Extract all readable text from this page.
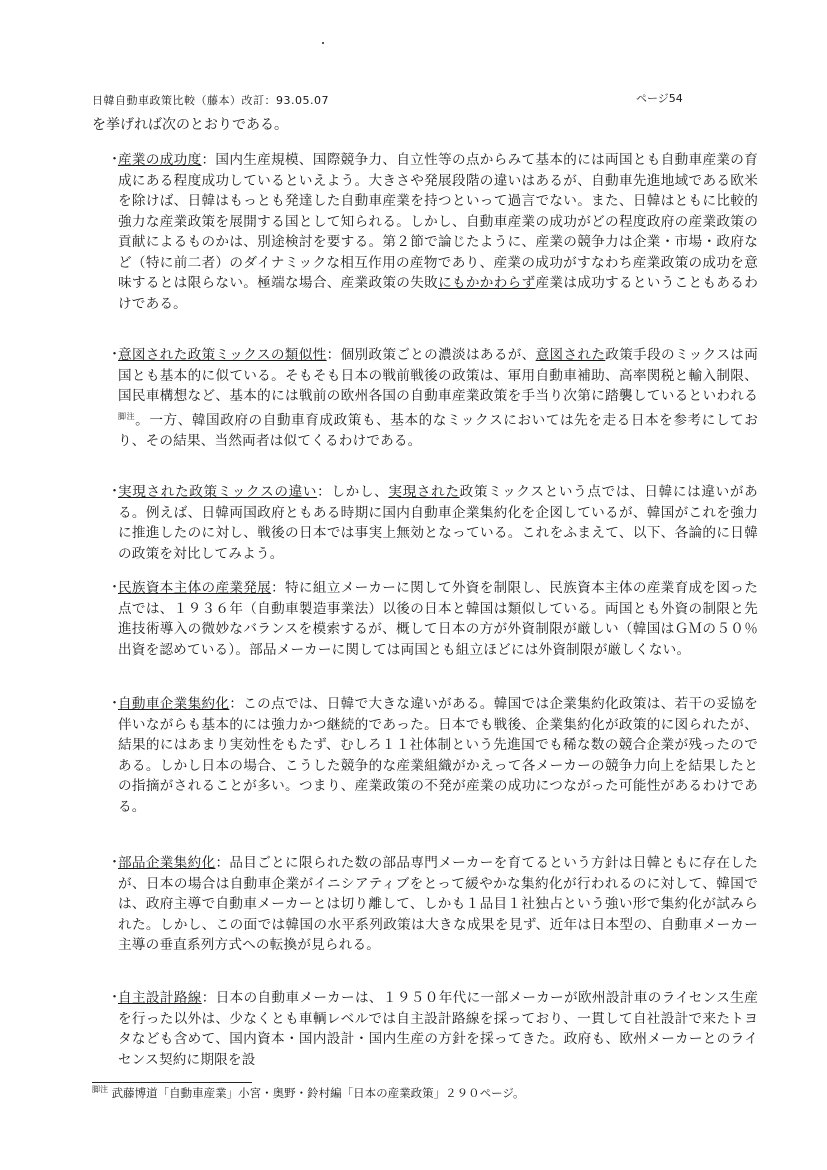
日韓自動車政策比較（藤本）改訂：93.05.07	ページ54
を挙げれば次のとおりである。
・
産業の成功度：国内生産規模、国際競争力、自立性等の点からみて基本的には両国とも自動車産業の育成にある程度成功しているといえよう。大きさや発展段階の違いはあるが、自動車先進地域である欧米を除けば、日韓はもっとも発達した自動車産業を持つといって過言でない。また、日韓はともに比較的強力な産業政策を展開する国として知られる。しかし、自動車産業の成功がどの程度政府の産業政策の貢献によるものかは、別途検討を要する。第２節で論じたように、産業の競争力は企業・市場・政府など（特に前二者）のダイナミックな相互作用の産物であり、産業の成功がすなわち産業政策の成功を意味するとは限らない。極端な場合、産業政策の失敗にもかかわらず産業は成功するということもあるわけである。
・
意図された政策ミックスの類似性：個別政策ごとの濃淡はあるが、意図された政策手段のミックスは両国とも基本的に似ている。そもそも日本の戦前戦後の政策は、軍用自動車補助、高率関税と輸入制限、国民車構想など、基本的には戦前の欧州各国の自動車産業政策を手当り次第に踏襲しているといわれる$^{脚注}$。一方、韓国政府の自動車育成政策も、基本的なミックスにおいては先を走る日本を参考にしており、その結果、当然両者は似てくるわけである。
・
実現された政策ミックスの違い：しかし、実現された政策ミックスという点では、日韓には違いがある。例えば、日韓両国政府ともある時期に国内自動車企業集約化を企図しているが、韓国がこれを強力に推進したのに対し、戦後の日本では事実上無効となっている。これをふまえて、以下、各論的に日韓の政策を対比してみよう。
・
民族資本主体の産業発展：特に組立メーカーに関して外資を制限し、民族資本主体の産業育成を図った点では、１９３６年（自動車製造事業法）以後の日本と韓国は類似している。両国とも外資の制限と先進技術導入の微妙なバランスを模索するが、概して日本の方が外資制限が厳しい（韓国はＧＭの５０％出資を認めている）。部品メーカーに関しては両国とも組立ほどには外資制限が厳しくない。
・
自動車企業集約化：この点では、日韓で大きな違いがある。韓国では企業集約化政策は、若干の妥協を伴いながらも基本的には強力かつ継続的であった。日本でも戦後、企業集約化が政策的に図られたが、結果的にはあまり実効性をもたず、むしろ１１社体制という先進国でも稀な数の競合企業が残ったのである。しかし日本の場合、こうした競争的な産業組織がかえって各メーカーの競争力向上を結果したとの指摘がされることが多い。つまり、産業政策の不発が産業の成功につながった可能性があるわけである。
・
部品企業集約化：品目ごとに限られた数の部品専門メーカーを育てるという方針は日韓ともに存在したが、日本の場合は自動車企業がイニシアティブをとって緩やかな集約化が行われるのに対して、韓国では、政府主導で自動車メーカーとは切り離して、しかも１品目１社独占という強い形で集約化が試みられた。しかし、この面では韓国の水平系列政策は大きな成果を見ず、近年は日本型の、自動車メーカー主導の垂直系列方式への転換が見られる。
・
自主設計路線：日本の自動車メーカーは、１９５０年代に一部メーカーが欧州設計車のライセンス生産を行った以外は、少なくとも車輌レベルでは自主設計路線を採っており、一貫して自社設計で来たトヨタなども含めて、国内資本・国内設計・国内生産の方針を採ってきた。政府も、欧州メーカーとのライセンス契約に期限を設
$^{脚注}$ 武藤博道「自動車産業」小宮・奥野・鈴村編「日本の産業政策」２９０ページ。
